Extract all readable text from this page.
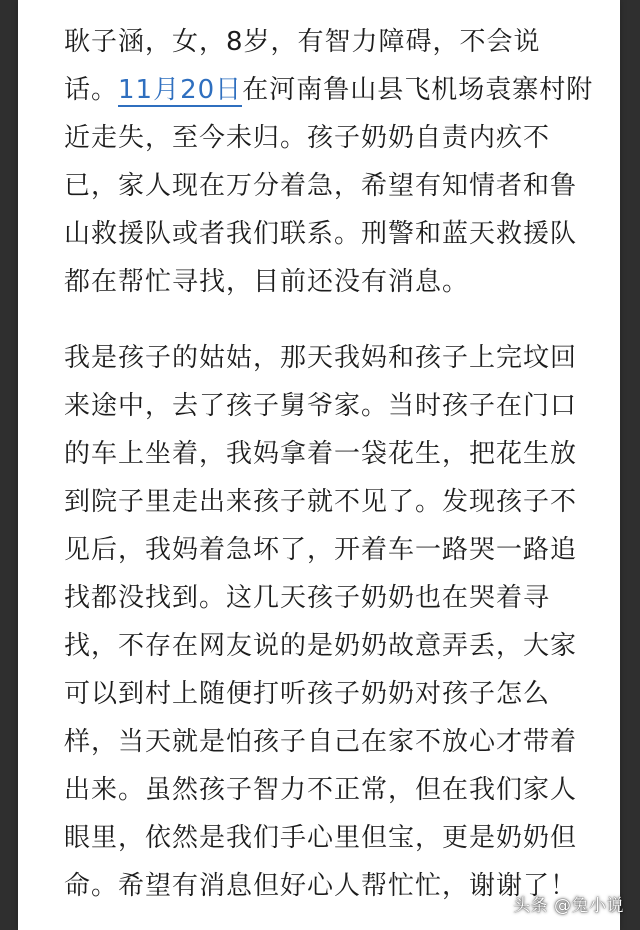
耿子涵，女，8岁，有智力障碍，不会说
话。11月20日在河南鲁山县飞机场袁寨村附
近走失，至今未归。孩子奶奶自责内疚不
已，家人现在万分着急，希望有知情者和鲁
山救援队或者我们联系。刑警和蓝天救援队
都在帮忙寻找，目前还没有消息。
我是孩子的姑姑，那天我妈和孩子上完坟回
来途中，去了孩子舅爷家。当时孩子在门口
的车上坐着，我妈拿着一袋花生，把花生放
到院子里走出来孩子就不见了。发现孩子不
见后，我妈着急坏了，开着车一路哭一路追
找都没找到。这几天孩子奶奶也在哭着寻
找，不存在网友说的是奶奶故意弄丢，大家
可以到村上随便打听孩子奶奶对孩子怎么
样，当天就是怕孩子自己在家不放心才带着
出来。虽然孩子智力不正常，但在我们家人
眼里，依然是我们手心里但宝，更是奶奶但
命。希望有消息但好心人帮忙忙，谢谢了！
头条 @兔小说
